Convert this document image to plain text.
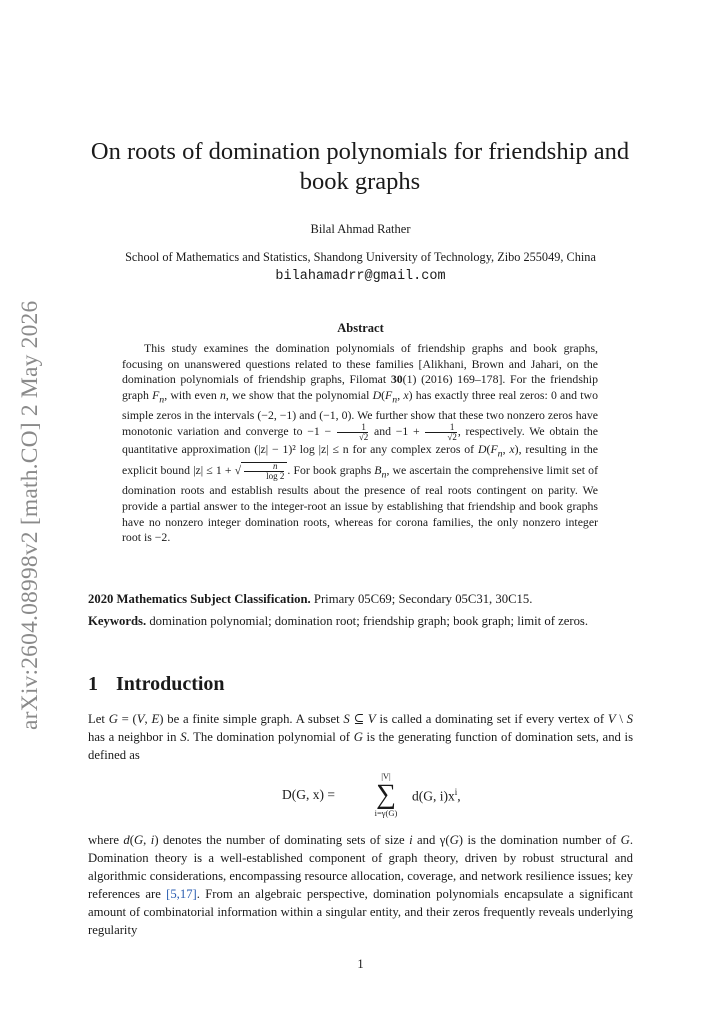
arXiv:2604.08998v2 [math.CO] 2 May 2026
On roots of domination polynomials for friendship and book graphs
Bilal Ahmad Rather
School of Mathematics and Statistics, Shandong University of Technology, Zibo 255049, China
bilahamadrr@gmail.com
Abstract

This study examines the domination polynomials of friendship graphs and book graphs, focusing on unanswered questions related to these families [Alikhani, Brown and Jahari, on the domination polynomials of friendship graphs, Filomat 30(1) (2016) 169–178]. For the friendship graph $F_n$, with even n, we show that the polynomial $D(F_n$, x) has exactly three real zeros: 0 and two simple zeros in the intervals (−2, −1) and (−1, 0). We further show that these two nonzero zeros have monotonic variation and converge to $-1 - \frac{1}{√2}$ and $-1 + \frac{1}{√2}$ , respectively. We obtain the quantitative approximation (|z| − 1)² log |z| ≤ n for any complex zeros of $D(F_n$, x), resulting in the explicit bound |z| ≤ 1 + √ $\frac{n}{\log 2}$ . For book graphs $B_n$, we ascertain the comprehensive limit set of domination roots and establish results about the presence of real roots contingent on parity. We provide a partial answer to the integer-root an issue by establishing that friendship and book graphs have no nonzero integer domination roots, whereas for corona families, the only nonzero integer root is −2.

2020 Mathematics Subject Classification. Primary 05C69; Secondary 05C31, 30C15.

Keywords. domination polynomial; domination root; friendship graph; book graph; limit of zeros.

1 Introduction

Let G = (V, E) be a finite simple graph. A subset S ⊆ V is called a dominating set if every vertex of V \ S has a neighbor in S. The domination polynomial of G is the generating function of domination sets, and is defined as

D(G, x) =
|V|
∑
i=γ(G)
d(G, $i)x^i$,

where d(G, i) denotes the number of dominating sets of size i and γ(G) is the domination number of G. Domination theory is a well-established component of graph theory, driven by robust structural and algorithmic considerations, encompassing resource allocation, coverage, and network resilience issues; key references are [5,17]. From an algebraic perspective, domination polynomials encapsulate a significant amount of combinatorial information within a singular entity, and their zeros frequently reveals underlying regularity

1
